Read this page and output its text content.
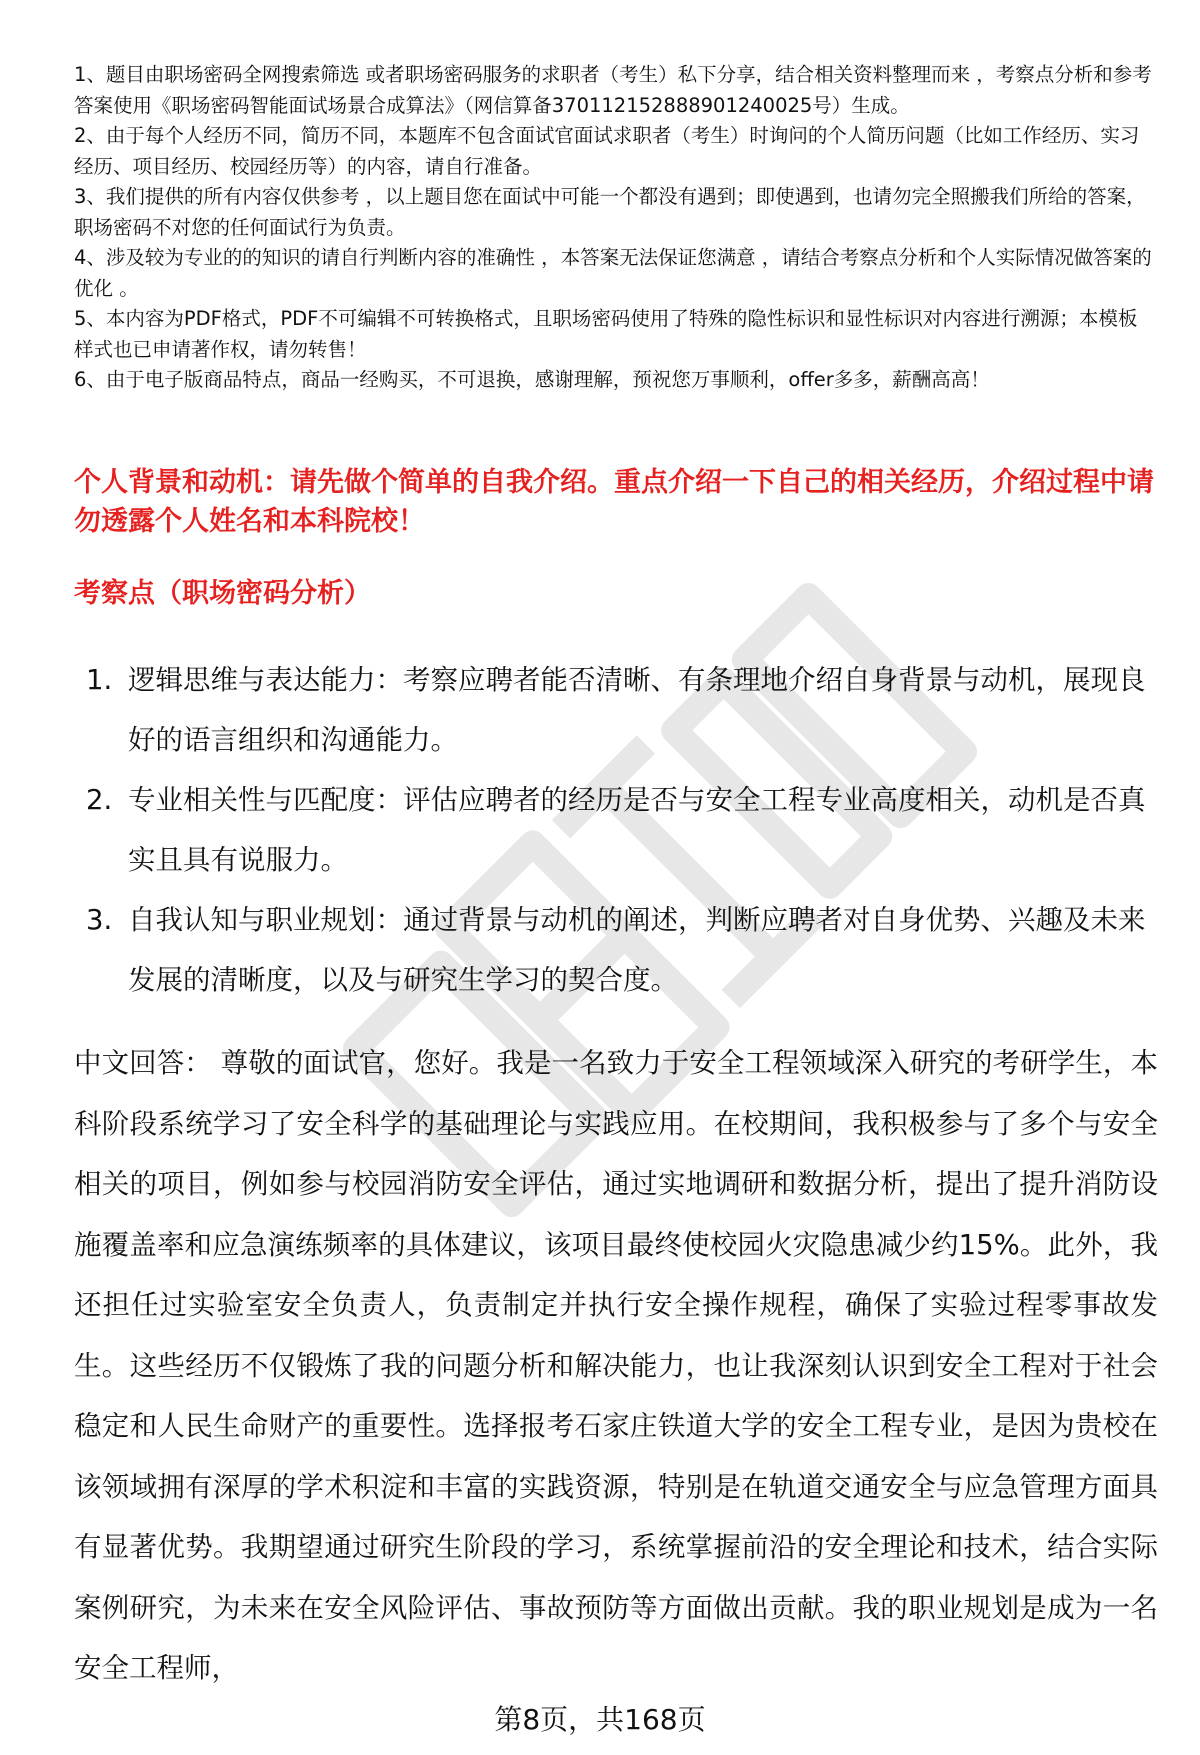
1、题目由职场密码全网搜索筛选 或者职场密码服务的求职者（考生）私下分享，结合相关资料整理而来 ，考察点分析和参考答案使用《职场密码智能面试场景合成算法》（网信算备370112152888901240025号）生成。

2、由于每个人经历不同，简历不同，本题库不包含面试官面试求职者（考生）时询问的个人简历问题（比如工作经历、实习经历、项目经历、校园经历等）的内容，请自行准备。

3、我们提供的所有内容仅供参考 ，以上题目您在面试中可能一个都没有遇到；即使遇到，也请勿完全照搬我们所给的答案，职场密码不对您的任何面试行为负责。

4、涉及较为专业的的知识的请自行判断内容的准确性 ，本答案无法保证您满意 ，请结合考察点分析和个人实际情况做答案的优化 。

5、本内容为PDF格式，PDF不可编辑不可转换格式，且职场密码使用了特殊的隐性标识和显性标识对内容进行溯源；本模板样式也已申请著作权，请勿转售！

6、由于电子版商品特点，商品一经购买，不可退换，感谢理解，预祝您万事顺利，offer多多，薪酬高高！

个人背景和动机：请先做个简单的自我介绍。重点介绍一下自己的相关经历，介绍过程中请勿透露个人姓名和本科院校！
考察点（职场密码分析）
1. 逻辑思维与表达能力：考察应聘者能否清晰、有条理地介绍自身背景与动机，展现良好的语言组织和沟通能力。
2. 专业相关性与匹配度：评估应聘者的经历是否与安全工程专业高度相关，动机是否真实且具有说服力。
3. 自我认知与职业规划：通过背景与动机的阐述，判断应聘者对自身优势、兴趣及未来发展的清晰度，以及与研究生学习的契合度。

中文回答： 尊敬的面试官，您好。我是一名致力于安全工程领域深入研究的考研学生，本科阶段系统学习了安全科学的基础理论与实践应用。在校期间，我积极参与了多个与安全相关的项目，例如参与校园消防安全评估，通过实地调研和数据分析，提出了提升消防设施覆盖率和应急演练频率的具体建议，该项目最终使校园火灾隐患减少约15%。此外，我还担任过实验室安全负责人，负责制定并执行安全操作规程，确保了实验过程零事故发生。这些经历不仅锻炼了我的问题分析和解决能力，也让我深刻认识到安全工程对于社会稳定和人民生命财产的重要性。选择报考石家庄铁道大学的安全工程专业，是因为贵校在该领域拥有深厚的学术积淀和丰富的实践资源，特别是在轨道交通安全与应急管理方面具有显著优势。我期望通过研究生阶段的学习，系统掌握前沿的安全理论和技术，结合实际案例研究，为未来在安全风险评估、事故预防等方面做出贡献。我的职业规划是成为一名安全工程师，

第8页，共168页
